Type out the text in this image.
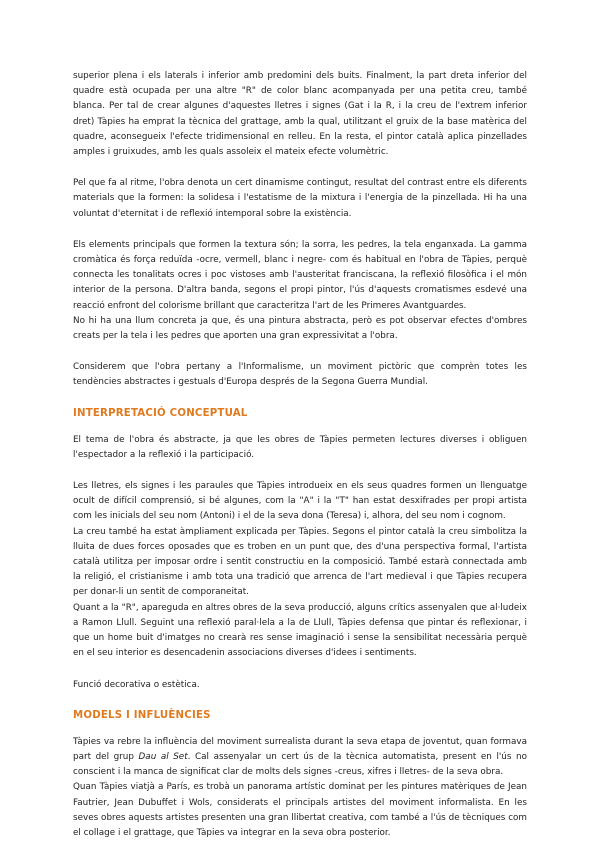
superior plena i els laterals i inferior amb predomini dels buits. Finalment, la part dreta inferior del quadre està ocupada per una altre "R" de color blanc acompanyada per una petita creu, també blanca. Per tal de crear algunes d'aquestes lletres i signes (Gat i la R, i la creu de l'extrem inferior dret) Tàpies ha emprat la tècnica del grattage, amb la qual, utilitzant el gruix de la base matèrica del quadre, aconsegueix l'efecte tridimensional en relleu. En la resta, el pintor català aplica pinzellades amples i gruixudes, amb les quals assoleix el mateix efecte volumètric.

Pel que fa al ritme, l'obra denota un cert dinamisme contingut, resultat del contrast entre els diferents materials que la formen: la solidesa i l'estatisme de la mixtura i l'energia de la pinzellada. Hi ha una voluntat d'eternitat i de reflexió intemporal sobre la existència.

Els elements principals que formen la textura són; la sorra, les pedres, la tela enganxada. La gamma cromàtica és força reduïda -ocre, vermell, blanc i negre- com és habitual en l'obra de Tàpies, perquè connecta les tonalitats ocres i poc vistoses amb l'austeritat franciscana, la reflexió filosòfica i el món interior de la persona. D'altra banda, segons el propi pintor, l'ús d'aquests cromatismes esdevé una reacció enfront del colorisme brillant que caracteritza l'art de les Primeres Avantguardes.

No hi ha una llum concreta ja que, és una pintura abstracta, però es pot observar efectes d'ombres creats per la tela i les pedres que aporten una gran expressivitat a l'obra.

Considerem que l'obra pertany a l'Informalisme, un moviment pictòric que comprèn totes les tendències abstractes i gestuals d'Europa després de la Segona Guerra Mundial.

INTERPRETACIÓ CONCEPTUAL

El tema de l'obra és abstracte, ja que les obres de Tàpies permeten lectures diverses i obliguen l'espectador a la reflexió i la participació.

Les lletres, els signes i les paraules que Tàpies introdueix en els seus quadres formen un llenguatge ocult de difícil comprensió, si bé algunes, com la "A" i la "T" han estat desxifrades per propi artista com les inicials del seu nom (Antoni) i el de la seva dona (Teresa) i, alhora, del seu nom i cognom.

La creu també ha estat àmpliament explicada per Tàpies. Segons el pintor català la creu simbolitza la lluita de dues forces oposades que es troben en un punt que, des d'una perspectiva formal, l'artista català utilitza per imposar ordre i sentit constructiu en la composició. També estarà connectada amb la religió, el cristianisme i amb tota una tradició que arrenca de l'art medieval i que Tàpies recupera per donar-li un sentit de comporaneitat.

Quant a la "R", apareguda en altres obres de la seva producció, alguns crítics assenyalen que al·ludeix a Ramon Llull. Seguint una reflexió paral·lela a la de Llull, Tàpies defensa que pintar és reflexionar, i que un home buit d'imatges no crearà res sense imaginació i sense la sensibilitat necessària perquè en el seu interior es desencadenin associacions diverses d'idees i sentiments.

Funció decorativa o estètica.

MODELS I INFLUÈNCIES

Tàpies va rebre la influència del moviment surrealista durant la seva etapa de joventut, quan formava part del grup Dau al Set. Cal assenyalar un cert ús de la tècnica automatista, present en l'ús no conscient i la manca de significat clar de molts dels signes -creus, xifres i lletres- de la seva obra.

Quan Tàpies viatjà a París, es trobà un panorama artístic dominat per les pintures matèriques de Jean Fautrier, Jean Dubuffet i Wols, considerats el principals artistes del moviment informalista. En les seves obres aquests artistes presenten una gran llibertat creativa, com també a l'ús de tècniques com el collage i el grattage, que Tàpies va integrar en la seva obra posterior.
